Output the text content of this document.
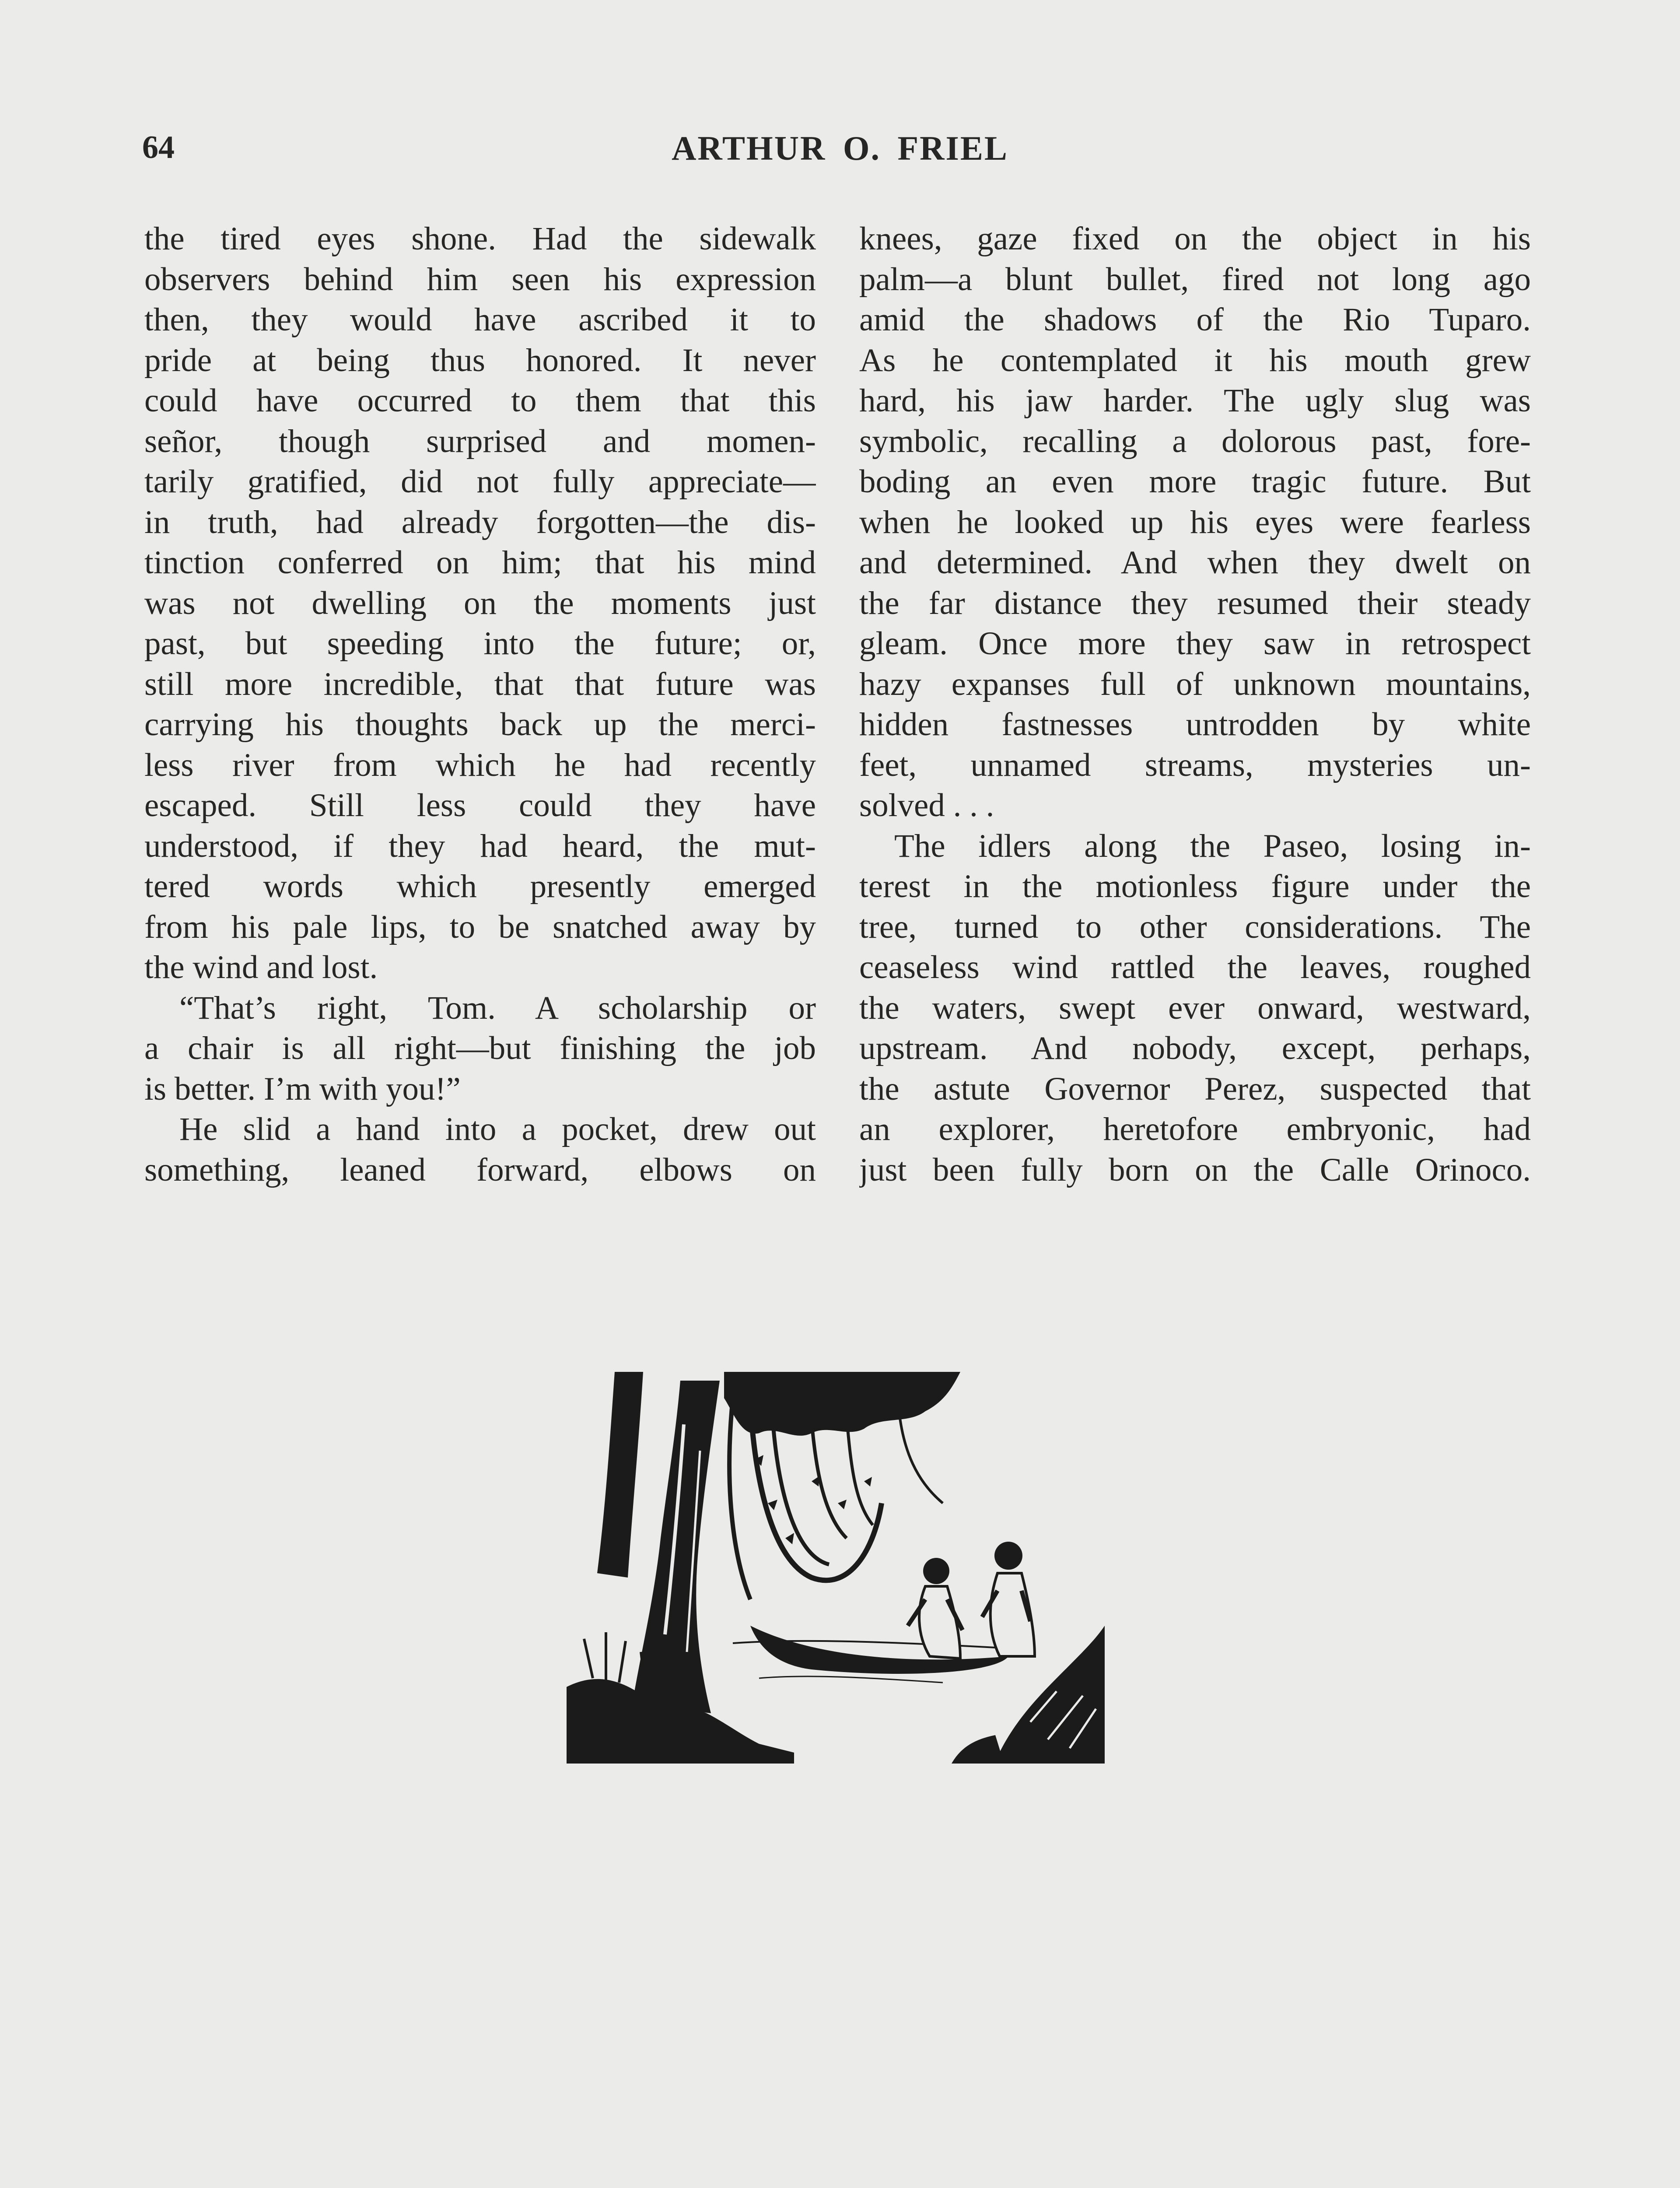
64	ARTHUR O. FRIEL
the tired eyes shone. Had the sidewalk
observers behind him seen his expression
then, they would have ascribed it to
pride at being thus honored. It never
could have occurred to them that this
señor, though surprised and momen-
tarily gratified, did not fully appreciate—
in truth, had already forgotten—the dis-
tinction conferred on him; that his mind
was not dwelling on the moments just
past, but speeding into the future; or,
still more incredible, that that future was
carrying his thoughts back up the merci-
less river from which he had recently
escaped. Still less could they have
understood, if they had heard, the mut-
tered words which presently emerged
from his pale lips, to be snatched away by
the wind and lost.
“That’s right, Tom. A scholarship or
a chair is all right—but finishing the job
is better. I’m with you!”
He slid a hand into a pocket, drew out
something, leaned forward, elbows on
knees, gaze fixed on the object in his
palm—a blunt bullet, fired not long ago
amid the shadows of the Rio Tuparo.
As he contemplated it his mouth grew
hard, his jaw harder. The ugly slug was
symbolic, recalling a dolorous past, fore-
boding an even more tragic future. But
when he looked up his eyes were fearless
and determined. And when they dwelt on
the far distance they resumed their steady
gleam. Once more they saw in retrospect
hazy expanses full of unknown mountains,
hidden fastnesses untrodden by white
feet, unnamed streams, mysteries un-
solved . . .
The idlers along the Paseo, losing in-
terest in the motionless figure under the
tree, turned to other considerations. The
ceaseless wind rattled the leaves, roughed
the waters, swept ever onward, westward,
upstream. And nobody, except, perhaps,
the astute Governor Perez, suspected that
an explorer, heretofore embryonic, had
just been fully born on the Calle Orinoco.
